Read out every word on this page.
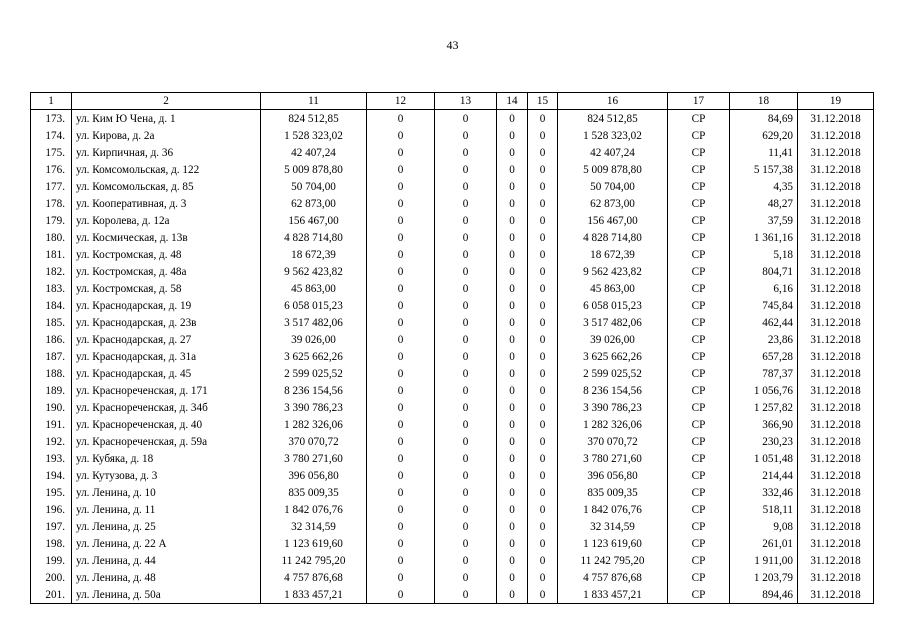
43
1	2	11	12	13	14	15	16	17	18	19
173.	ул. Ким Ю Чена, д. 1	824 512,85	0	0	0	0	824 512,85	СР	84,69	31.12.2018
174.	ул. Кирова, д. 2а	1 528 323,02	0	0	0	0	1 528 323,02	СР	629,20	31.12.2018
175.	ул. Кирпичная, д. 36	42 407,24	0	0	0	0	42 407,24	СР	11,41	31.12.2018
176.	ул. Комсомольская, д. 122	5 009 878,80	0	0	0	0	5 009 878,80	СР	5 157,38	31.12.2018
177.	ул. Комсомольская, д. 85	50 704,00	0	0	0	0	50 704,00	СР	4,35	31.12.2018
178.	ул. Кооперативная, д. 3	62 873,00	0	0	0	0	62 873,00	СР	48,27	31.12.2018
179.	ул. Королева, д. 12а	156 467,00	0	0	0	0	156 467,00	СР	37,59	31.12.2018
180.	ул. Космическая, д. 13в	4 828 714,80	0	0	0	0	4 828 714,80	СР	1 361,16	31.12.2018
181.	ул. Костромская, д. 48	18 672,39	0	0	0	0	18 672,39	СР	5,18	31.12.2018
182.	ул. Костромская, д. 48а	9 562 423,82	0	0	0	0	9 562 423,82	СР	804,71	31.12.2018
183.	ул. Костромская, д. 58	45 863,00	0	0	0	0	45 863,00	СР	6,16	31.12.2018
184.	ул. Краснодарская, д. 19	6 058 015,23	0	0	0	0	6 058 015,23	СР	745,84	31.12.2018
185.	ул. Краснодарская, д. 23в	3 517 482,06	0	0	0	0	3 517 482,06	СР	462,44	31.12.2018
186.	ул. Краснодарская, д. 27	39 026,00	0	0	0	0	39 026,00	СР	23,86	31.12.2018
187.	ул. Краснодарская, д. 31а	3 625 662,26	0	0	0	0	3 625 662,26	СР	657,28	31.12.2018
188.	ул. Краснодарская, д. 45	2 599 025,52	0	0	0	0	2 599 025,52	СР	787,37	31.12.2018
189.	ул. Краснореченская, д. 171	8 236 154,56	0	0	0	0	8 236 154,56	СР	1 056,76	31.12.2018
190.	ул. Краснореченская, д. 34б	3 390 786,23	0	0	0	0	3 390 786,23	СР	1 257,82	31.12.2018
191.	ул. Краснореченская, д. 40	1 282 326,06	0	0	0	0	1 282 326,06	СР	366,90	31.12.2018
192.	ул. Краснореченская, д. 59а	370 070,72	0	0	0	0	370 070,72	СР	230,23	31.12.2018
193.	ул. Кубяка, д. 18	3 780 271,60	0	0	0	0	3 780 271,60	СР	1 051,48	31.12.2018
194.	ул. Кутузова, д. 3	396 056,80	0	0	0	0	396 056,80	СР	214,44	31.12.2018
195.	ул. Ленина, д. 10	835 009,35	0	0	0	0	835 009,35	СР	332,46	31.12.2018
196.	ул. Ленина, д. 11	1 842 076,76	0	0	0	0	1 842 076,76	СР	518,11	31.12.2018
197.	ул. Ленина, д. 25	32 314,59	0	0	0	0	32 314,59	СР	9,08	31.12.2018
198.	ул. Ленина, д. 22 А	1 123 619,60	0	0	0	0	1 123 619,60	СР	261,01	31.12.2018
199.	ул. Ленина, д. 44	11 242 795,20	0	0	0	0	11 242 795,20	СР	1 911,00	31.12.2018
200.	ул. Ленина, д. 48	4 757 876,68	0	0	0	0	4 757 876,68	СР	1 203,79	31.12.2018
201.	ул. Ленина, д. 50а	1 833 457,21	0	0	0	0	1 833 457,21	СР	894,46	31.12.2018
